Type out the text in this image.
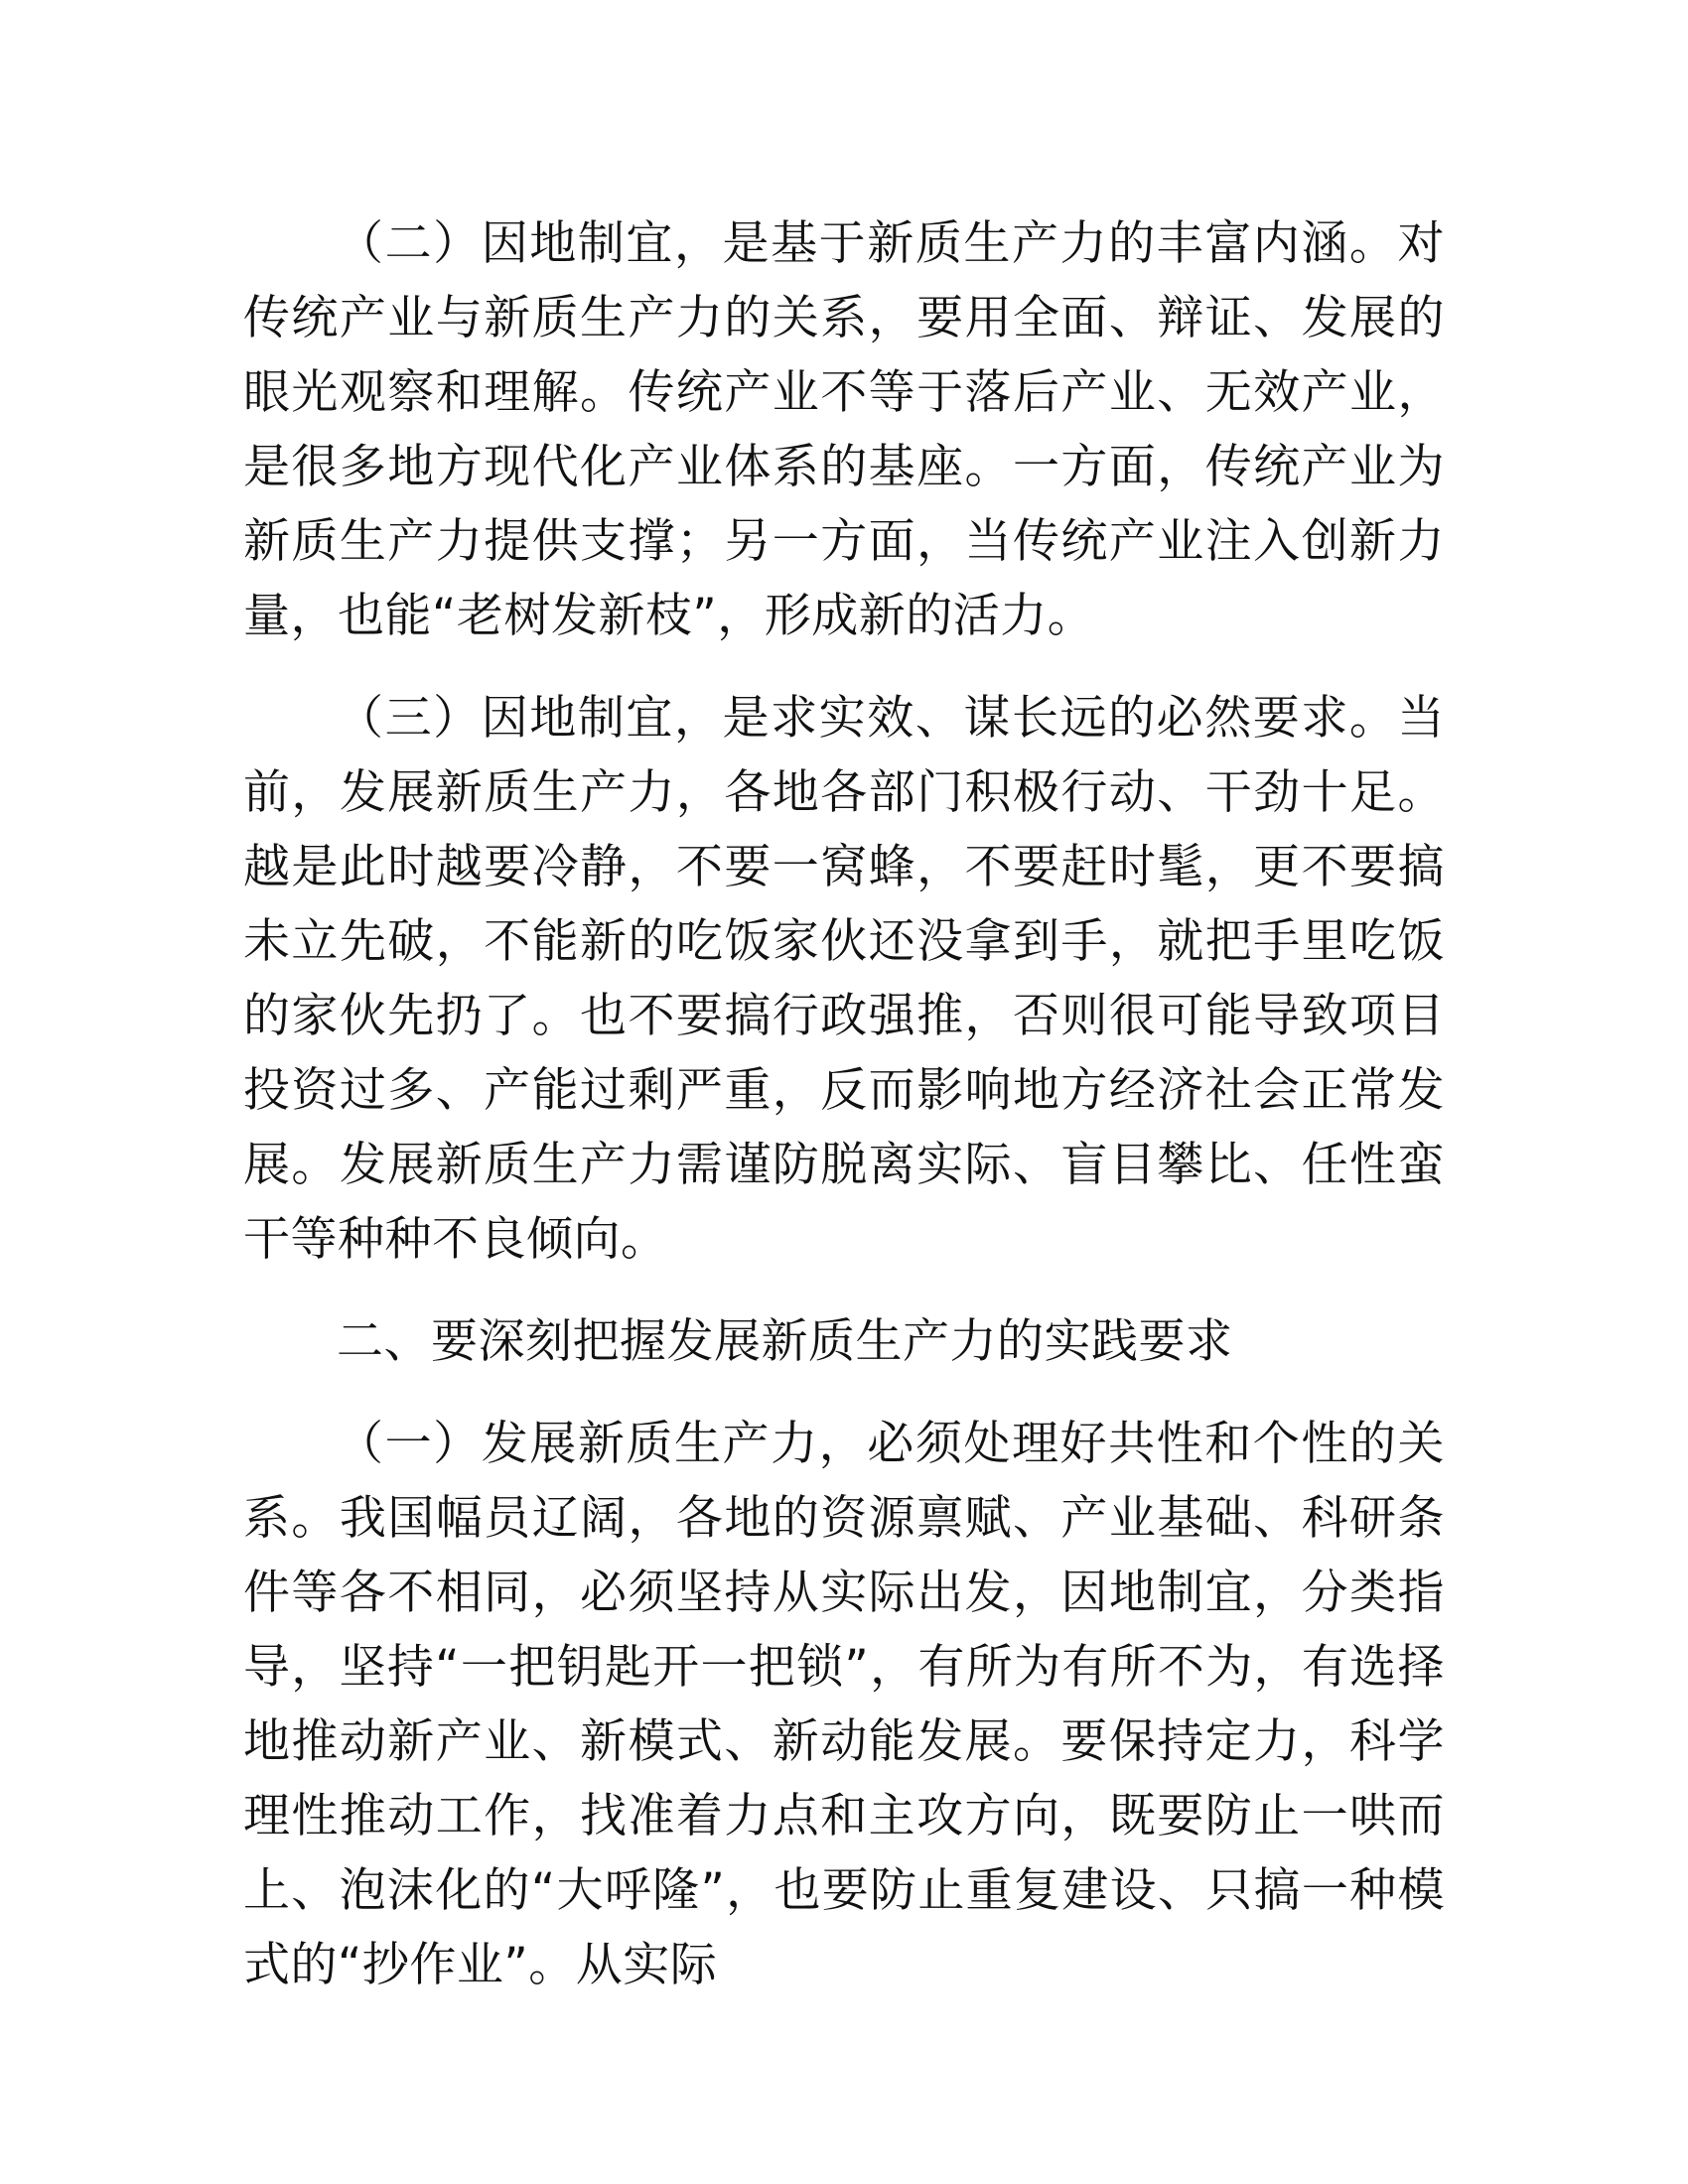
（二）因地制宜，是基于新质生产力的丰富内涵。对传统产业与新质生产力的关系，要用全面、辩证、发展的眼光观察和理解。传统产业不等于落后产业、无效产业，是很多地方现代化产业体系的基座。一方面，传统产业为新质生产力提供支撑；另一方面，当传统产业注入创新力量，也能“老树发新枝”，形成新的活力。

（三）因地制宜，是求实效、谋长远的必然要求。当前，发展新质生产力，各地各部门积极行动、干劲十足。越是此时越要冷静，不要一窝蜂，不要赶时髦，更不要搞未立先破，不能新的吃饭家伙还没拿到手，就把手里吃饭的家伙先扔了。也不要搞行政强推，否则很可能导致项目投资过多、产能过剩严重，反而影响地方经济社会正常发展。发展新质生产力需谨防脱离实际、盲目攀比、任性蛮干等种种不良倾向。

二、要深刻把握发展新质生产力的实践要求

（一）发展新质生产力，必须处理好共性和个性的关系。我国幅员辽阔，各地的资源禀赋、产业基础、科研条件等各不相同，必须坚持从实际出发，因地制宜，分类指导，坚持“一把钥匙开一把锁”，有所为有所不为，有选择地推动新产业、新模式、新动能发展。要保持定力，科学理性推动工作，找准着力点和主攻方向，既要防止一哄而上、泡沫化的“大呼隆”，也要防止重复建设、只搞一种模式的“抄作业”。从实际
